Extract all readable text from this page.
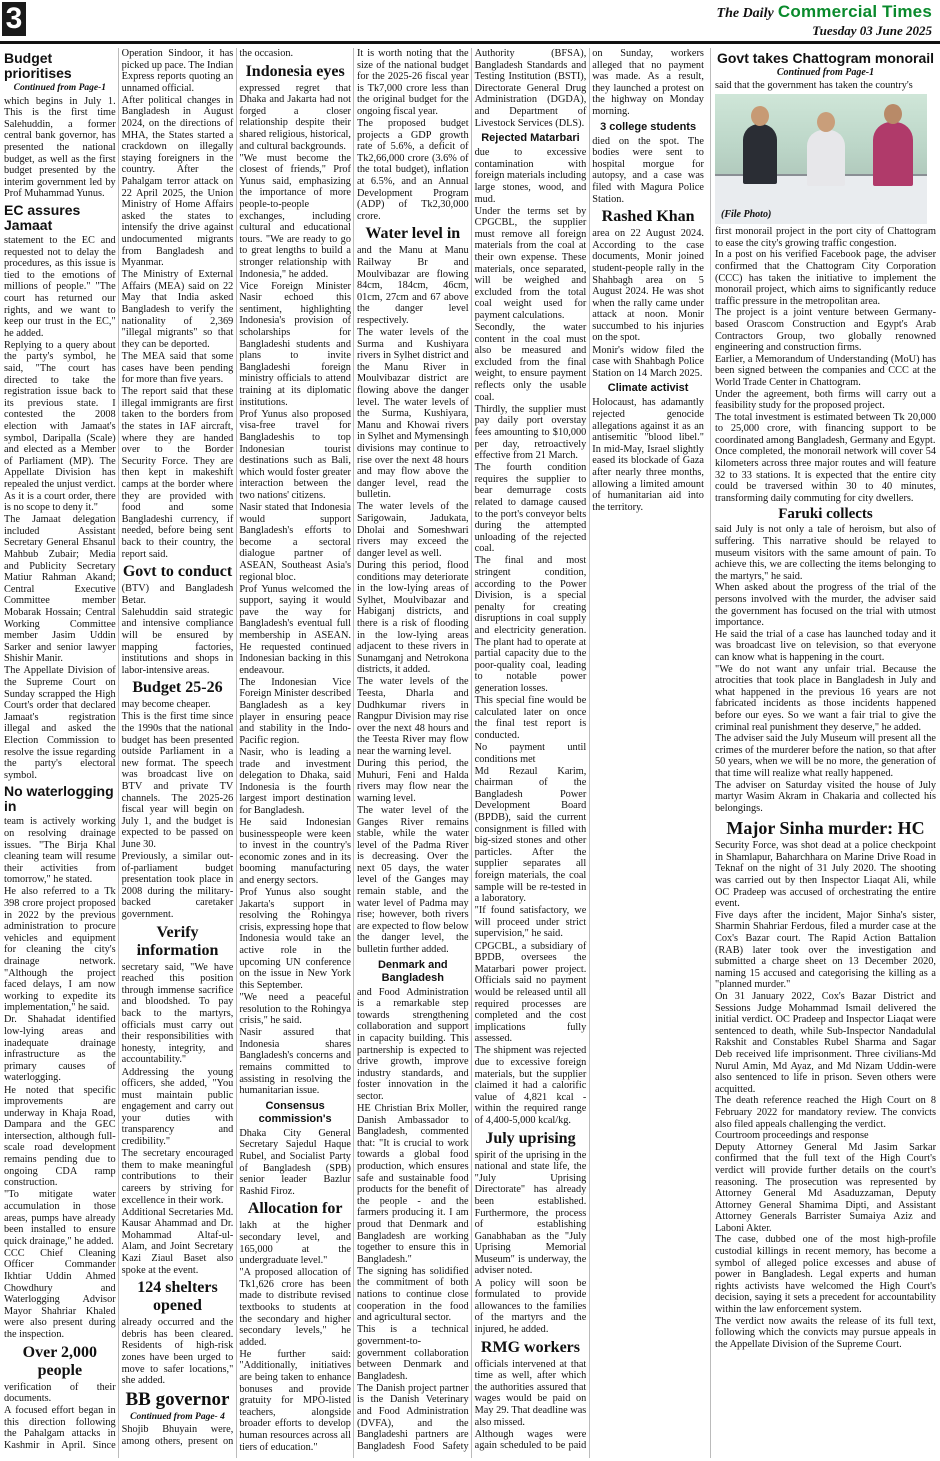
3	The Daily Commercial Times
Tuesday 03 June 2025
Budget prioritises
Continued from Page-1

which begins in July 1. This is the first time Salehuddin, a former central bank governor, has presented the national budget, as well as the first budget presented by the interim government led by Prof Muhammad Yunus.

EC assures Jamaat

statement to the EC and requested not to delay the procedures, as this issue is tied to the emotions of millions of people." "The court has returned our rights, and we want to keep our trust in the EC," he added.

Replying to a query about the party's symbol, he said, "The court has directed to take the registration issue back to its previous state. I contested the 2008 election with Jamaat's symbol, Daripalla (Scale) and elected as a Member of Parliament (MP). The Appellate Division has repealed the unjust verdict. As it is a court order, there is no scope to deny it."

The Jamaat delegation included Assistant Secretary General Ehsanul Mahbub Zubair; Media and Publicity Secretary Matiur Rahman Akand; Central Executive Committee member Mobarak Hossain; Central Working Committee member Jasim Uddin Sarker and senior lawyer Shishir Manir.

The Appellate Division of the Supreme Court on Sunday scrapped the High Court's order that declared Jamaat's registration illegal and asked the Election Commission to resolve the issue regarding the party's electoral symbol.

No waterlogging in

team is actively working on resolving drainage issues. "The Birja Khal cleaning team will resume their activities from tomorrow," he stated.

He also referred to a Tk 398 crore project proposed in 2022 by the previous administration to procure vehicles and equipment for cleaning the city's drainage network. "Although the project faced delays, I am now working to expedite its implementation," he said.

Dr. Shahadat identified low-lying areas and inadequate drainage infrastructure as the primary causes of waterlogging.

He noted that specific improvements are underway in Khaja Road, Dampara and the GEC intersection, although full-scale road development remains pending due to ongoing CDA ramp construction.

"To mitigate water accumulation in those areas, pumps have already been installed to ensure quick drainage," he added.

CCC Chief Cleaning Officer Commander Ikhtiar Uddin Ahmed Chowdhury and Waterlogging Advisor Mayor Shahriar Khaled were also present during the inspection.

Over 2,000 people

verification of their documents.

A focused effort began in this direction following the Pahalgam attacks in Kashmir in April. Since Operation Sindoor, it has picked up pace. The Indian Express reports quoting an unnamed official.

After political changes in Bangladesh in August 2024, on the directions of MHA, the States started a crackdown on illegally staying foreigners in the country. After the Pahalgam terror attack on 22 April 2025, the Union Ministry of Home Affairs asked the states to intensify the drive against undocumented migrants from Bangladesh and Myanmar.

The Ministry of External Affairs (MEA) said on 22 May that India asked Bangladesh to verify the nationality of 2,369 "illegal migrants" so that they can be deported.

The MEA said that some cases have been pending for more than five years.

The report said that these illegal immigrants are first taken to the borders from the states in IAF aircraft, where they are handed over to the Border Security Force. They are then kept in makeshift camps at the border where they are provided with food and some Bangladeshi currency, if needed, before being sent back to their country, the report said.

Govt to conduct

(BTV) and Bangladesh Betar.

Salehuddin said strategic and intensive compliance will be ensured by mapping factories, institutions and shops in labor-intensive areas.

Budget 25-26

may become cheaper.

This is the first time since the 1990s that the national budget has been presented outside Parliament in a new format. The speech was broadcast live on BTV and private TV channels. The 2025-26 fiscal year will begin on July 1, and the budget is expected to be passed on June 30.

Previously, a similar out-of-parliament budget presentation took place in 2008 during the military-backed caretaker government.

Verify information

secretary said, "We have reached this position through immense sacrifice and bloodshed. To pay back to the martyrs, officials must carry out their responsibilities with honesty, integrity, and accountability."

Addressing the young officers, she added, "You must maintain public engagement and carry out your duties with transparency and credibility."

The secretary encouraged them to make meaningful contributions to their careers by striving for excellence in their work.

Additional Secretaries Md. Kausar Ahammad and Dr. Mohammad Altaf-ul-Alam, and Joint Secretary Kazi Ziaul Baset also spoke at the event.

124 shelters opened

already occurred and the debris has been cleared. Residents of high-risk zones have been urged to move to safer locations," she added.

BB governor
Continued from Page- 4

Shojib Bhuyain were, among others, present on the occasion.

Indonesia eyes

expressed regret that Dhaka and Jakarta had not forged a closer relationship despite their shared religious, historical, and cultural backgrounds.

"We must become the closest of friends," Prof Yunus said, emphasizing the importance of more people-to-people exchanges, including cultural and educational tours. "We are ready to go to great lengths to build a stronger relationship with Indonesia," he added.

Vice Foreign Minister Nasir echoed this sentiment, highlighting Indonesia's provision of scholarships for Bangladeshi students and plans to invite Bangladeshi foreign ministry officials to attend training at its diplomatic institutions.

Prof Yunus also proposed visa-free travel for Bangladeshis to top Indonesian tourist destinations such as Bali, which would foster greater interaction between the two nations' citizens.

Nasir stated that Indonesia would support Bangladesh's efforts to become a sectoral dialogue partner of ASEAN, Southeast Asia's regional bloc.

Prof Yunus welcomed the support, saying it would pave the way for Bangladesh's eventual full membership in ASEAN. He requested continued Indonesian backing in this endeavour.

The Indonesian Vice Foreign Minister described Bangladesh as a key player in ensuring peace and stability in the Indo-Pacific region.

Nasir, who is leading a trade and investment delegation to Dhaka, said Indonesia is the fourth largest import destination for Bangladesh.

He said Indonesian businesspeople were keen to invest in the country's economic zones and in its booming manufacturing and energy sectors.

Prof Yunus also sought Jakarta's support in resolving the Rohingya crisis, expressing hope that Indonesia would take an active role in the upcoming UN conference on the issue in New York this September.

"We need a peaceful resolution to the Rohingya crisis," he said.

Nasir assured that Indonesia shares Bangladesh's concerns and remains committed to assisting in resolving the humanitarian issue.

Consensus commission's

Dhaka City General Secretary Sajedul Haque Rubel, and Socialist Party of Bangladesh (SPB) senior leader Bazlur Rashid Firoz.

Allocation for

lakh at the higher secondary level, and 165,000 at the undergraduate level."

"A proposed allocation of Tk1,626 crore has been made to distribute revised textbooks to students at the secondary and higher secondary levels," he added.

He further said: "Additionally, initiatives are being taken to enhance bonuses and provide gratuity for MPO-listed teachers, alongside broader efforts to develop human resources across all tiers of education."

It is worth noting that the size of the national budget for the 2025-26 fiscal year is Tk7,000 crore less than the original budget for the ongoing fiscal year.

The proposed budget projects a GDP growth rate of 5.6%, a deficit of Tk2,66,000 crore (3.6% of the total budget), inflation at 6.5%, and an Annual Development Program (ADP) of Tk2,30,000 crore.

Water level in

and the Manu at Manu Railway Br and Moulvibazar are flowing 84cm, 184cm, 46cm, 01cm, 27cm and 67 above the danger level respectively.

The water levels of the Surma and Kushiyara rivers in Sylhet district and the Manu River in Moulvibazar district are flowing above the danger level. The water levels of the Surma, Kushiyara, Manu and Khowai rivers in Sylhet and Mymensingh divisions may continue to rise over the next 48 hours and may flow above the danger level, read the bulletin.

The water levels of the Sarigowain, Jadukata, Dholai and Someshwari rivers may exceed the danger level as well.

During this period, flood conditions may deteriorate in the low-lying areas of Sylhet, Moulvibazar and Habiganj districts, and there is a risk of flooding in the low-lying areas adjacent to these rivers in Sunamganj and Netrokona districts, it added.

The water levels of the Teesta, Dharla and Dudhkumar rivers in Rangpur Division may rise over the next 48 hours and the Teesta River may flow near the warning level.

During this period, the Muhuri, Feni and Halda rivers may flow near the warning level.

The water level of the Ganges River remains stable, while the water level of the Padma River is decreasing. Over the next 05 days, the water level of the Ganges may remain stable, and the water level of Padma may rise; however, both rivers are expected to flow below the danger level, the bulletin further added.

Denmark and Bangladesh

and Food Administration is a remarkable step towards strengthening collaboration and support in capacity building. This partnership is expected to drive growth, improve industry standards, and foster innovation in the sector.

HE Christian Brix Moller, Danish Ambassador to Bangladesh, commented that: "It is crucial to work towards a global food production, which ensures safe and sustainable food products for the benefit of the people - and the farmers producing it. I am proud that Denmark and Bangladesh are working together to ensure this in Bangladesh."

The signing has solidified the commitment of both nations to continue close cooperation in the food and agricultural sector.

This is a technical government-to-government collaboration between Denmark and Bangladesh.

The Danish project partner is the Danish Veterinary and Food Administration (DVFA), and the Bangladeshi partners are Bangladesh Food Safety Authority (BFSA), Bangladesh Standards and Testing Institution (BSTI), Directorate General Drug Administration (DGDA), and Department of Livestock Services (DLS).

Rejected Matarbari

due to excessive contamination with foreign materials including large stones, wood, and mud.

Under the terms set by CPGCBL, the supplier must remove all foreign materials from the coal at their own expense. These materials, once separated, will be weighed and excluded from the total coal weight used for payment calculations.

Secondly, the water content in the coal must also be measured and excluded from the final weight, to ensure payment reflects only the usable coal.

Thirdly, the supplier must pay daily port overstay fees amounting to $10,000 per day, retroactively effective from 21 March.

The fourth condition requires the supplier to bear demurrage costs related to damage caused to the port's conveyor belts during the attempted unloading of the rejected coal.

The final and most stringent condition, according to the Power Division, is a special penalty for creating disruptions in coal supply and electricity generation. The plant had to operate at partial capacity due to the poor-quality coal, leading to notable power generation losses.

This special fine would be calculated later on once the final test report is conducted.

No payment until conditions met

Md Rezaul Karim, chairman of the Bangladesh Power Development Board (BPDB), said the current consignment is filled with big-sized stones and other particles. After the supplier separates all foreign materials, the coal sample will be re-tested in a laboratory.

"If found satisfactory, we will proceed under strict supervision," he said.

CPGCBL, a subsidiary of BPDB, oversees the Matarbari power project. Officials said no payment would be released until all required processes are completed and the cost implications fully assessed.

The shipment was rejected due to excessive foreign materials, but the supplier claimed it had a calorific value of 4,821 kcal - within the required range of 4,400-5,000 kcal/kg.

July uprising

spirit of the uprising in the national and state life, the "July Uprising Directorate" has already been established. Furthermore, the process of establishing Ganabhaban as the "July Uprising Memorial Museum" is underway, the adviser noted.

A policy will soon be formulated to provide allowances to the families of the martyrs and the injured, he added.

RMG workers

officials intervened at that time as well, after which the authorities assured that wages would be paid on May 29. That deadline was also missed.

Although wages were again scheduled to be paid on Sunday, workers alleged that no payment was made. As a result, they launched a protest on the highway on Monday morning.

3 college students

died on the spot. The bodies were sent to hospital morgue for autopsy, and a case was filed with Magura Police Station.

Rashed Khan

area on 22 August 2024. According to the case documents, Monir joined student-people rally in the Shahbagh area on 5 August 2024. He was shot when the rally came under attack at noon. Monir succumbed to his injuries on the spot.

Monir's widow filed the case with Shahbagh Police Station on 14 March 2025.

Climate activist

Holocaust, has adamantly rejected genocide allegations against it as an antisemitic "blood libel." In mid-May, Israel slightly eased its blockade of Gaza after nearly three months, allowing a limited amount of humanitarian aid into the territory.

Govt takes Chattogram monorail
Continued from Page-1

said that the government has taken the country's

(File Photo)

first monorail project in the port city of Chattogram to ease the city's growing traffic congestion.

In a post on his verified Facebook page, the adviser confirmed that the Chattogram City Corporation (CCC) has taken the initiative to implement the monorail project, which aims to significantly reduce traffic pressure in the metropolitan area.

The project is a joint venture between Germany-based Orascom Construction and Egypt's Arab Contractors Group, two globally renowned engineering and construction firms.

Earlier, a Memorandum of Understanding (MoU) has been signed between the companies and CCC at the World Trade Center in Chattogram.

Under the agreement, both firms will carry out a feasibility study for the proposed project.

The total investment is estimated between Tk 20,000 to 25,000 crore, with financing support to be coordinated among Bangladesh, Germany and Egypt.

Once completed, the monorail network will cover 54 kilometers across three major routes and will feature 32 to 33 stations. It is expected that the entire city could be traversed within 30 to 40 minutes, transforming daily commuting for city dwellers.

Faruki collects

said July is not only a tale of heroism, but also of suffering. This narrative should be relayed to museum visitors with the same amount of pain. To achieve this, we are collecting the items belonging to the martyrs," he said.

When asked about the progress of the trial of the persons involved with the murder, the adviser said the government has focused on the trial with utmost importance.

He said the trial of a case has launched today and it was broadcast live on television, so that everyone can know what is happening in the court.

"We do not want any unfair trial. Because the atrocities that took place in Bangladesh in July and what happened in the previous 16 years are not fabricated incidents as those incidents happened before our eyes. So we want a fair trial to give the criminal real punishment they deserve," he added.

The adviser said the July Museum will present all the crimes of the murderer before the nation, so that after 50 years, when we will be no more, the generation of that time will realize what really happened.

The adviser on Saturday visited the house of July martyr Wasim Akram in Chakaria and collected his belongings.

Major Sinha murder: HC

Security Force, was shot dead at a police checkpoint in Shamlapur, Baharchhara on Marine Drive Road in Teknaf on the night of 31 July 2020. The shooting was carried out by then Inspector Liaqat Ali, while OC Pradeep was accused of orchestrating the entire event.

Five days after the incident, Major Sinha's sister, Sharmin Shahriar Ferdous, filed a murder case at the Cox's Bazar court. The Rapid Action Battalion (RAB) later took over the investigation and submitted a charge sheet on 13 December 2020, naming 15 accused and categorising the killing as a "planned murder."

On 31 January 2022, Cox's Bazar District and Sessions Judge Mohammad Ismail delivered the initial verdict. OC Pradeep and Inspector Liaqat were sentenced to death, while Sub-Inspector Nandadulal Rakshit and Constables Rubel Sharma and Sagar Deb received life imprisonment. Three civilians-Md Nurul Amin, Md Ayaz, and Md Nizam Uddin-were also sentenced to life in prison. Seven others were acquitted.

The death reference reached the High Court on 8 February 2022 for mandatory review. The convicts also filed appeals challenging the verdict.

Courtroom proceedings and response

Deputy Attorney General Md Jasim Sarkar confirmed that the full text of the High Court's verdict will provide further details on the court's reasoning. The prosecution was represented by Attorney General Md Asaduzzaman, Deputy Attorney General Shamima Dipti, and Assistant Attorney Generals Barrister Sumaiya Aziz and Laboni Akter.

The case, dubbed one of the most high-profile custodial killings in recent memory, has become a symbol of alleged police excesses and abuse of power in Bangladesh. Legal experts and human rights activists have welcomed the High Court's decision, saying it sets a precedent for accountability within the law enforcement system.

The verdict now awaits the release of its full text, following which the convicts may pursue appeals in the Appellate Division of the Supreme Court.
